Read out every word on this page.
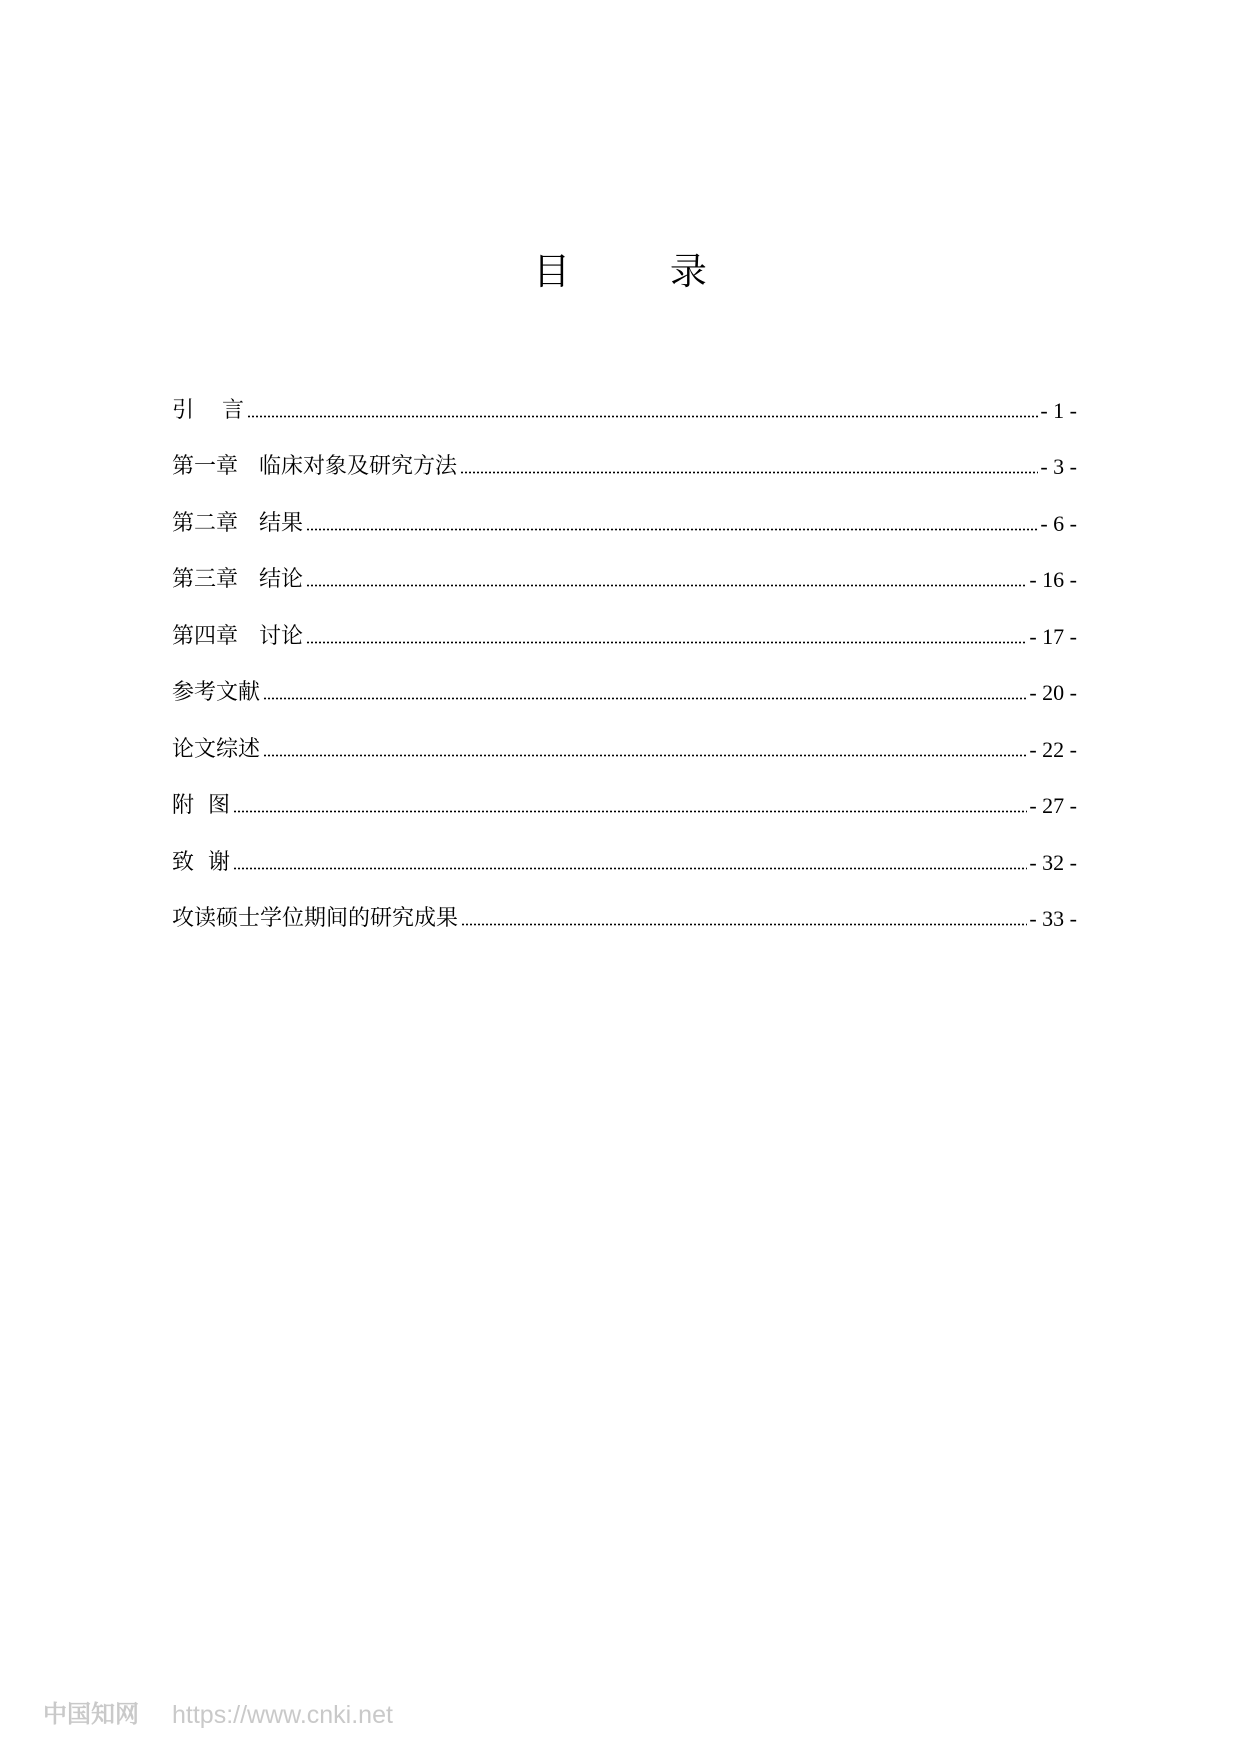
目 录
引    言	- 1 -
第一章   临床对象及研究方法	- 3 -
第二章   结果	- 6 -
第三章   结论	- 16 -
第四章   讨论	- 17 -
参考文献	- 20 -
论文综述	- 22 -
附  图	- 27 -
致  谢	- 32 -
攻读硕士学位期间的研究成果	- 33 -
中国知网 https://www.cnki.net
